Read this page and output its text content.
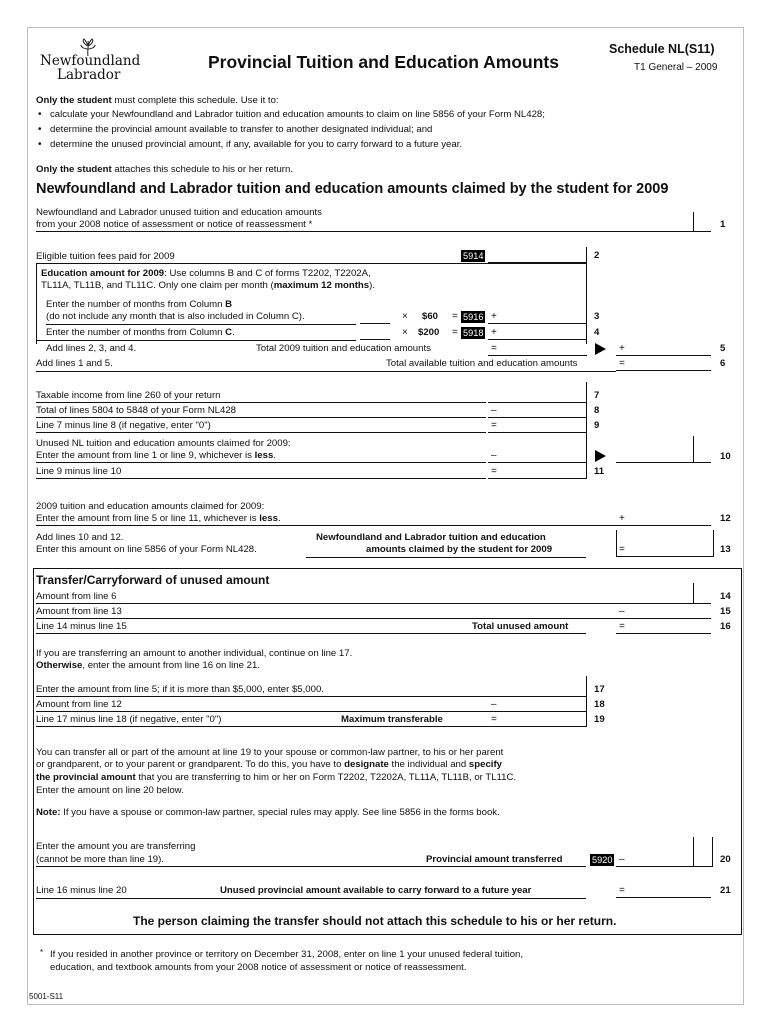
Newfoundland
Labrador
Provincial Tuition and Education Amounts
Schedule NL(S11)
T1 General – 2009
Only the student must complete this schedule. Use it to:
• calculate your Newfoundland and Labrador tuition and education amounts to claim on line 5856 of your Form NL428;
• determine the provincial amount available to transfer to another designated individual; and
• determine the unused provincial amount, if any, available for you to carry forward to a future year.
Only the student attaches this schedule to his or her return.
Newfoundland and Labrador tuition and education amounts claimed by the student for 2009
Newfoundland and Labrador unused tuition and education amounts
from your 2008 notice of assessment or notice of reassessment *	1
Eligible tuition fees paid for 2009	5914	2
Education amount for 2009: Use columns B and C of forms T2202, T2202A,
TL11A, TL11B, and TL11C. Only one claim per month (maximum 12 months).
Enter the number of months from Column B
(do not include any month that is also included in Column C).	× $60 = 5916 +	3
Enter the number of months from Column C.	× $200 = 5918 +	4
Add lines 2, 3, and 4.	Total 2009 tuition and education amounts	=	+	5
Add lines 1 and 5.	Total available tuition and education amounts	=	6
Taxable income from line 260 of your return	7
Total of lines 5804 to 5848 of your Form NL428	–	8
Line 7 minus line 8 (if negative, enter "0")	=	9
Unused NL tuition and education amounts claimed for 2009:
Enter the amount from line 1 or line 9, whichever is less.	–	10
Line 9 minus line 10	=	11
2009 tuition and education amounts claimed for 2009:
Enter the amount from line 5 or line 11, whichever is less.	+	12
Add lines 10 and 12.
Enter this amount on line 5856 of your Form NL428.
Newfoundland and Labrador tuition and education
amounts claimed by the student for 2009	=	13
Transfer/Carryforward of unused amount
Amount from line 6	14
Amount from line 13	–	15
Line 14 minus line 15	Total unused amount	=	16
If you are transferring an amount to another individual, continue on line 17.
Otherwise, enter the amount from line 16 on line 21.
Enter the amount from line 5; if it is more than $5,000, enter $5,000.	17
Amount from line 12	–	18
Line 17 minus line 18 (if negative, enter "0")	Maximum transferable	=	19
You can transfer all or part of the amount at line 19 to your spouse or common-law partner, to his or her parent
or grandparent, or to your parent or grandparent. To do this, you have to designate the individual and specify
the provincial amount that you are transferring to him or her on Form T2202, T2202A, TL11A, TL11B, or TL11C.
Enter the amount on line 20 below.
Note: If you have a spouse or common-law partner, special rules may apply. See line 5856 in the forms book.
Enter the amount you are transferring
(cannot be more than line 19).	Provincial amount transferred	5920 –	20
Line 16 minus line 20	Unused provincial amount available to carry forward to a future year	=	21
The person claiming the transfer should not attach this schedule to his or her return.
* If you resided in another province or territory on December 31, 2008, enter on line 1 your unused federal tuition,
education, and textbook amounts from your 2008 notice of assessment or notice of reassessment.
5001-S11
